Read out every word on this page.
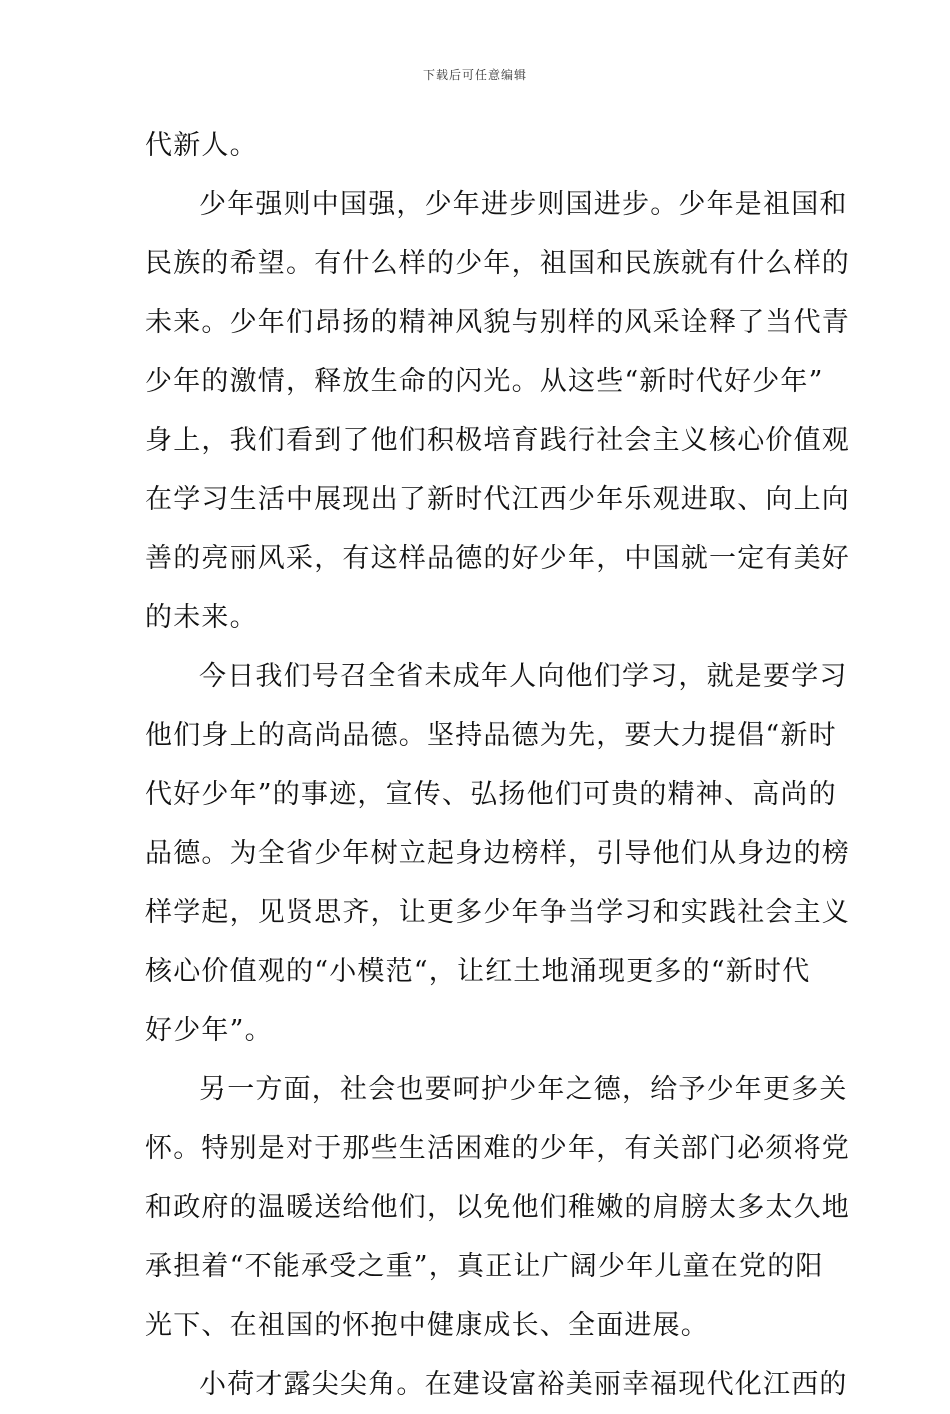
下载后可任意编辑
代新人。
少年强则中国强，少年进步则国进步。少年是祖国和
民族的希望。有什么样的少年，祖国和民族就有什么样的
未来。少年们昂扬的精神风貌与别样的风采诠释了当代青
少年的激情，释放生命的闪光。从这些“新时代好少年”
身上，我们看到了他们积极培育践行社会主义核心价值观
在学习生活中展现出了新时代江西少年乐观进取、向上向
善的亮丽风采，有这样品德的好少年，中国就一定有美好
的未来。
今日我们号召全省未成年人向他们学习，就是要学习
他们身上的高尚品德。坚持品德为先，要大力提倡“新时
代好少年”的事迹，宣传、弘扬他们可贵的精神、高尚的
品德。为全省少年树立起身边榜样，引导他们从身边的榜
样学起，见贤思齐，让更多少年争当学习和实践社会主义
核心价值观的“小模范“，让红土地涌现更多的“新时代
好少年”。
另一方面，社会也要呵护少年之德，给予少年更多关
怀。特别是对于那些生活困难的少年，有关部门必须将党
和政府的温暖送给他们，以免他们稚嫩的肩膀太多太久地
承担着“不能承受之重”，真正让广阔少年儿童在党的阳
光下、在祖国的怀抱中健康成长、全面进展。
小荷才露尖尖角。在建设富裕美丽幸福现代化江西的
